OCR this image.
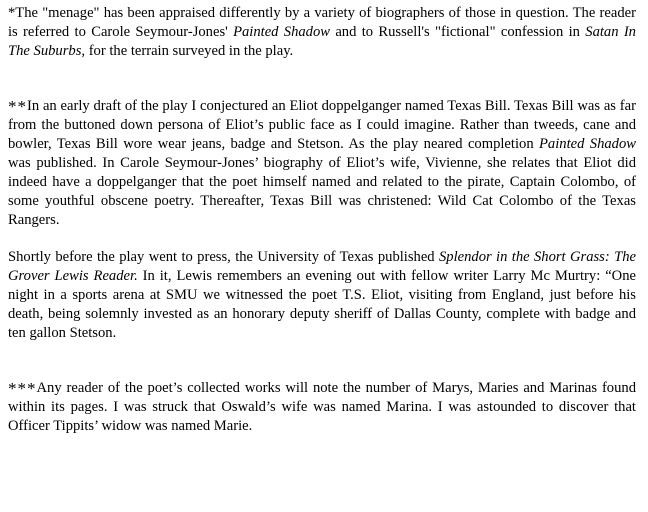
*The "menage" has been appraised differently by a variety of biographers of those in question. The reader is referred to Carole Seymour-Jones' Painted Shadow and to Russell's "fictional" confession in Satan In The Suburbs, for the terrain surveyed in the play.

**In an early draft of the play I conjectured an Eliot doppelganger named Texas Bill. Texas Bill was as far from the buttoned down persona of Eliot’s public face as I could imagine. Rather than tweeds, cane and bowler, Texas Bill wore wear jeans, badge and Stetson. As the play neared completion Painted Shadow was published. In Carole Seymour-Jones’ biography of Eliot’s wife, Vivienne, she relates that Eliot did indeed have a doppelganger that the poet himself named and related to the pirate, Captain Colombo, of some youthful obscene poetry. Thereafter, Texas Bill was christened: Wild Cat Colombo of the Texas Rangers.

Shortly before the play went to press, the University of Texas published Splendor in the Short Grass: The Grover Lewis Reader. In it, Lewis remembers an evening out with fellow writer Larry Mc Murtry: “One night in a sports arena at SMU we witnessed the poet T.S. Eliot, visiting from England, just before his death, being solemnly invested as an honorary deputy sheriff of Dallas County, complete with badge and ten gallon Stetson.

***Any reader of the poet’s collected works will note the number of Marys, Maries and Marinas found within its pages. I was struck that Oswald’s wife was named Marina. I was astounded to discover that Officer Tippits’ widow was named Marie.
